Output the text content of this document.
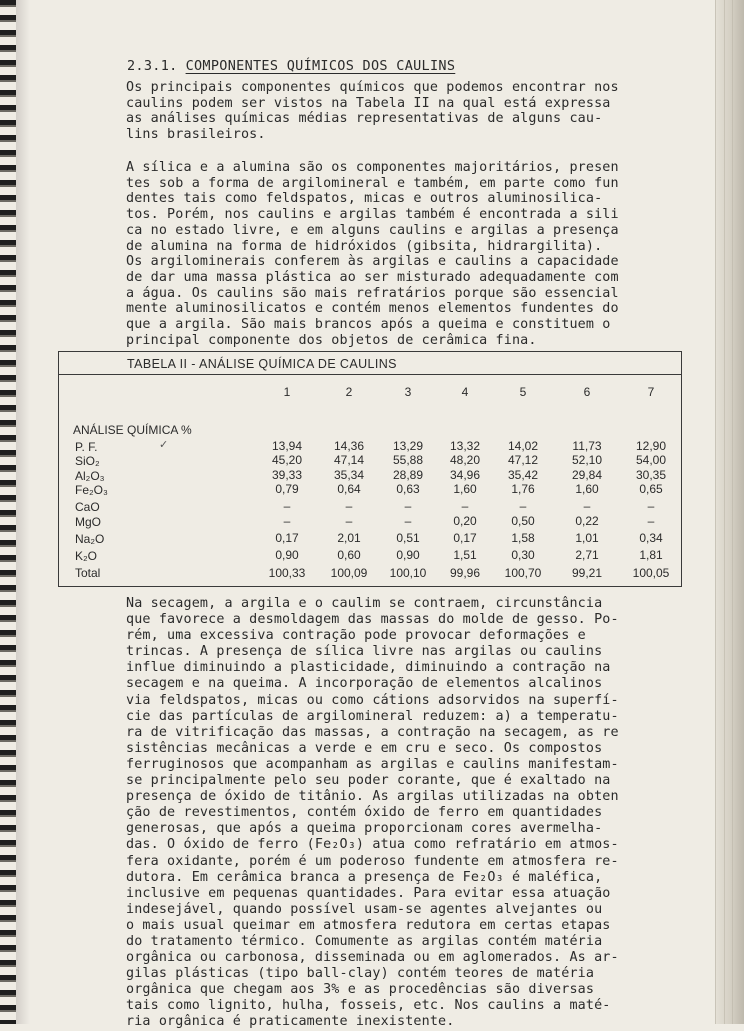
2.3.1. COMPONENTES QUÍMICOS DOS CAULINS

Os principais componentes químicos que podemos encontrar nos
caulins podem ser vistos na Tabela II na qual está expressa
as análises químicas médias representativas de alguns cau-
lins brasileiros.

A sílica e a alumina são os componentes majoritários, presen
tes sob a forma de argilomineral e também, em parte como fun
dentes tais como feldspatos, micas e outros aluminosilica-
tos. Porém, nos caulins e argilas também é encontrada a sili
ca no estado livre, e em alguns caulins e argilas a presença
de alumina na forma de hidróxidos (gibsita, hidrargilita).
Os argilominerais conferem às argilas e caulins a capacidade
de dar uma massa plástica ao ser misturado adequadamente com
a água. Os caulins são mais refratários porque são essencial
mente aluminosilicatos e contém menos elementos fundentes do
que a argila. São mais brancos após a queima e constituem o
principal componente dos objetos de cerâmica fina.

TABELA II - ANÁLISE QUÍMICA DE CAULINS
ANÁLISE QUÍMICA %
✓
1	2	3	4	5	6	7
P. F.	13,94	14,36	13,29	13,32	14,02	11,73	12,90
SiO₂	45,20	47,14	55,88	48,20	47,12	52,10	54,00
Al₂O₃	39,33	35,34	28,89	34,96	35,42	29,84	30,35
Fe₂O₃	0,79	0,64	0,63	1,60	1,76	1,60	0,65
CaO	–	–	–	–	–	–	–
MgO	–	–	–	0,20	0,50	0,22	–
Na₂O	0,17	2,01	0,51	0,17	1,58	1,01	0,34
K₂O	0,90	0,60	0,90	1,51	0,30	2,71	1,81
Total	100,33	100,09	100,10	99,96	100,70	99,21	100,05

Na secagem, a argila e o caulim se contraem, circunstância
que favorece a desmoldagem das massas do molde de gesso. Po-
rém, uma excessiva contração pode provocar deformações e
trincas. A presença de sílica livre nas argilas ou caulins
influe diminuindo a plasticidade, diminuindo a contração na
secagem e na queima. A incorporação de elementos alcalinos
via feldspatos, micas ou como cátions adsorvidos na superfí-
cie das partículas de argilomineral reduzem: a) a temperatu-
ra de vitrificação das massas, a contração na secagem, as re
sistências mecânicas a verde e em cru e seco. Os compostos
ferruginosos que acompanham as argilas e caulins manifestam-
se principalmente pelo seu poder corante, que é exaltado na
presença de óxido de titânio. As argilas utilizadas na obten
ção de revestimentos, contém óxido de ferro em quantidades
generosas, que após a queima proporcionam cores avermelha-
das. O óxido de ferro (Fe₂O₃) atua como refratário em atmos-
fera oxidante, porém é um poderoso fundente em atmosfera re-
dutora. Em cerâmica branca a presença de Fe₂O₃ é maléfica,
inclusive em pequenas quantidades. Para evitar essa atuação
indesejável, quando possível usam-se agentes alvejantes ou
o mais usual queimar em atmosfera redutora em certas etapas
do tratamento térmico. Comumente as argilas contém matéria
orgânica ou carbonosa, disseminada ou em aglomerados. As ar-
gilas plásticas (tipo ball-clay) contém teores de matéria
orgânica que chegam aos 3% e as procedências são diversas
tais como lignito, hulha, fosseis, etc. Nos caulins a maté-
ria orgânica é praticamente inexistente.
